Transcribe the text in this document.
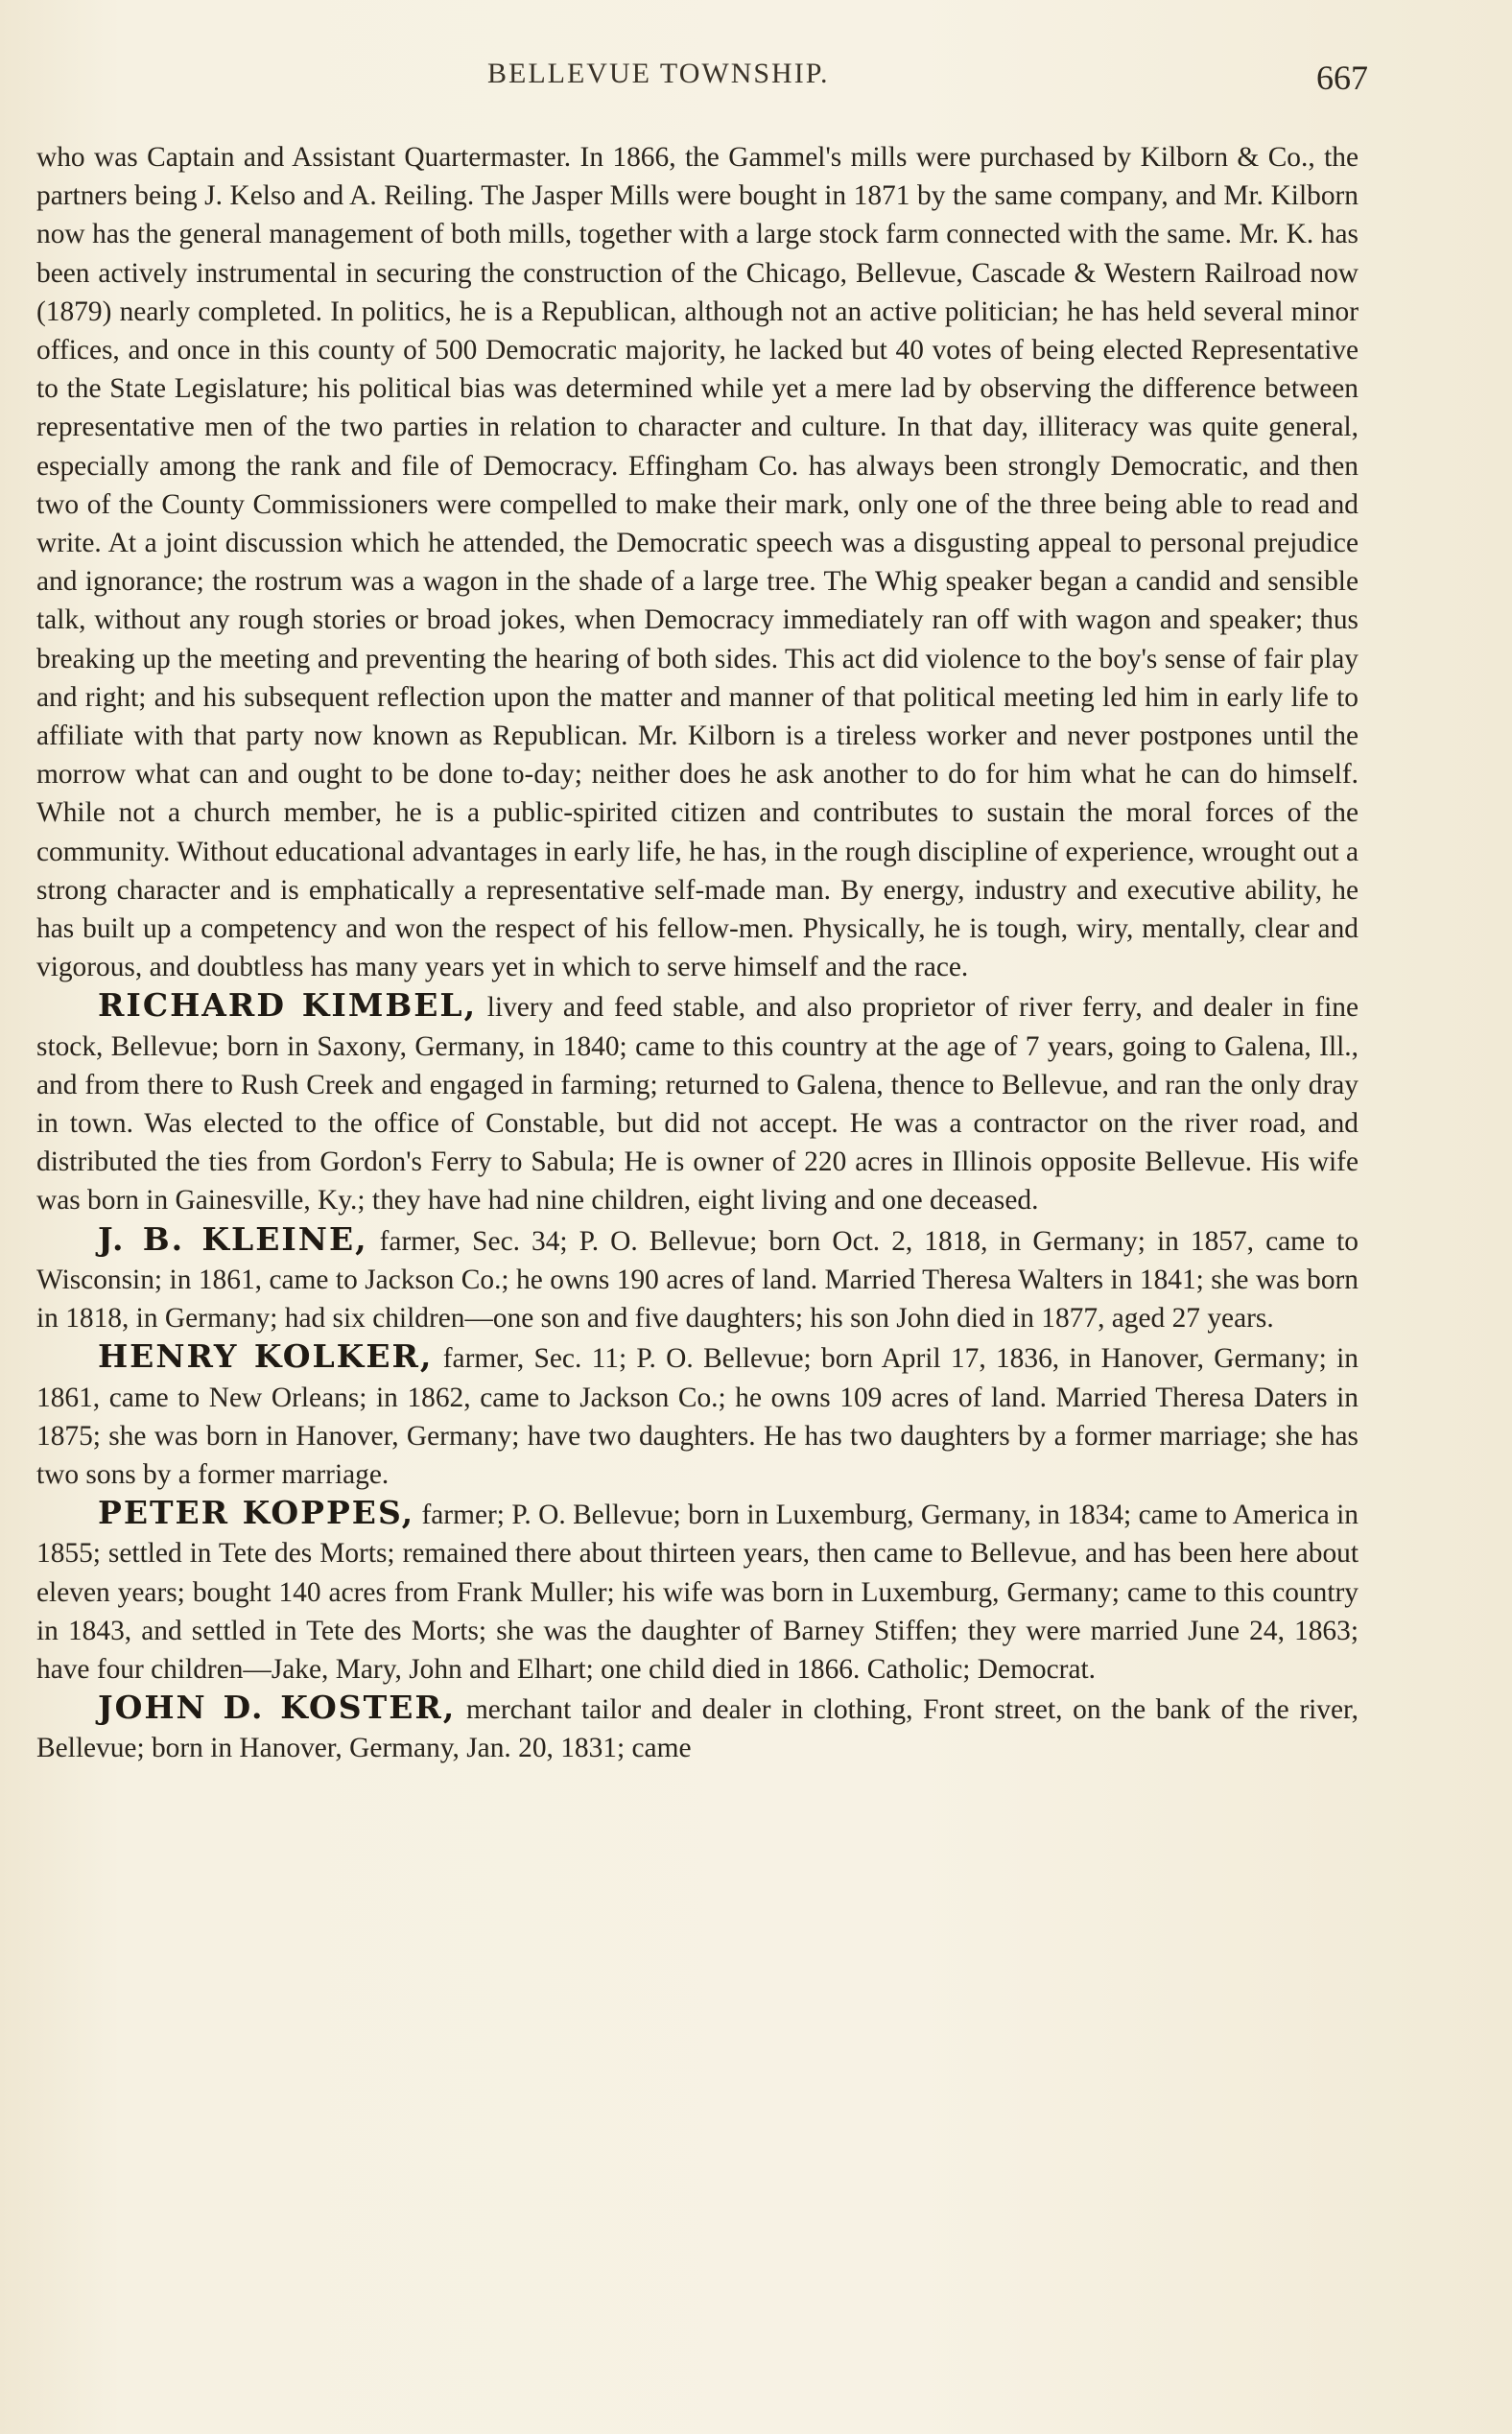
BELLEVUE TOWNSHIP.	667

who was Captain and Assistant Quartermaster. In 1866, the Gammel's mills were purchased by Kilborn & Co., the partners being J. Kelso and A. Reiling. The Jasper Mills were bought in 1871 by the same company, and Mr. Kilborn now has the general management of both mills, together with a large stock farm connected with the same. Mr. K. has been actively instrumental in securing the construction of the Chicago, Bellevue, Cascade & Western Railroad now (1879) nearly completed. In politics, he is a Republican, although not an active politician; he has held several minor offices, and once in this county of 500 Democratic majority, he lacked but 40 votes of being elected Representative to the State Legislature; his political bias was determined while yet a mere lad by observing the difference between representative men of the two parties in relation to character and culture. In that day, illiteracy was quite general, especially among the rank and file of Democracy. Effingham Co. has always been strongly Democratic, and then two of the County Commissioners were compelled to make their mark, only one of the three being able to read and write. At a joint discussion which he attended, the Democratic speech was a disgusting appeal to personal prejudice and ignorance; the rostrum was a wagon in the shade of a large tree. The Whig speaker began a candid and sensible talk, without any rough stories or broad jokes, when Democracy immediately ran off with wagon and speaker; thus breaking up the meeting and preventing the hearing of both sides. This act did violence to the boy's sense of fair play and right; and his subsequent reflection upon the matter and manner of that political meeting led him in early life to affiliate with that party now known as Republican. Mr. Kilborn is a tireless worker and never postpones until the morrow what can and ought to be done to-day; neither does he ask another to do for him what he can do himself. While not a church member, he is a public-spirited citizen and contributes to sustain the moral forces of the community. Without educational advantages in early life, he has, in the rough discipline of experience, wrought out a strong character and is emphatically a representative self-made man. By energy, industry and executive ability, he has built up a competency and won the respect of his fellow-men. Physically, he is tough, wiry, mentally, clear and vigorous, and doubtless has many years yet in which to serve himself and the race.

RICHARD KIMBEL, livery and feed stable, and also proprietor of river ferry, and dealer in fine stock, Bellevue; born in Saxony, Germany, in 1840; came to this country at the age of 7 years, going to Galena, Ill., and from there to Rush Creek and engaged in farming; returned to Galena, thence to Bellevue, and ran the only dray in town. Was elected to the office of Constable, but did not accept. He was a contractor on the river road, and distributed the ties from Gordon's Ferry to Sabula; He is owner of 220 acres in Illinois opposite Bellevue. His wife was born in Gainesville, Ky.; they have had nine children, eight living and one deceased.

J. B. KLEINE, farmer, Sec. 34; P. O. Bellevue; born Oct. 2, 1818, in Germany; in 1857, came to Wisconsin; in 1861, came to Jackson Co.; he owns 190 acres of land. Married Theresa Walters in 1841; she was born in 1818, in Germany; had six children—one son and five daughters; his son John died in 1877, aged 27 years.

HENRY KOLKER, farmer, Sec. 11; P. O. Bellevue; born April 17, 1836, in Hanover, Germany; in 1861, came to New Orleans; in 1862, came to Jackson Co.; he owns 109 acres of land. Married Theresa Daters in 1875; she was born in Hanover, Germany; have two daughters. He has two daughters by a former marriage; she has two sons by a former marriage.

PETER KOPPES, farmer; P. O. Bellevue; born in Luxemburg, Germany, in 1834; came to America in 1855; settled in Tete des Morts; remained there about thirteen years, then came to Bellevue, and has been here about eleven years; bought 140 acres from Frank Muller; his wife was born in Luxemburg, Germany; came to this country in 1843, and settled in Tete des Morts; she was the daughter of Barney Stiffen; they were married June 24, 1863; have four children—Jake, Mary, John and Elhart; one child died in 1866. Catholic; Democrat.

JOHN D. KOSTER, merchant tailor and dealer in clothing, Front street, on the bank of the river, Bellevue; born in Hanover, Germany, Jan. 20, 1831; came
